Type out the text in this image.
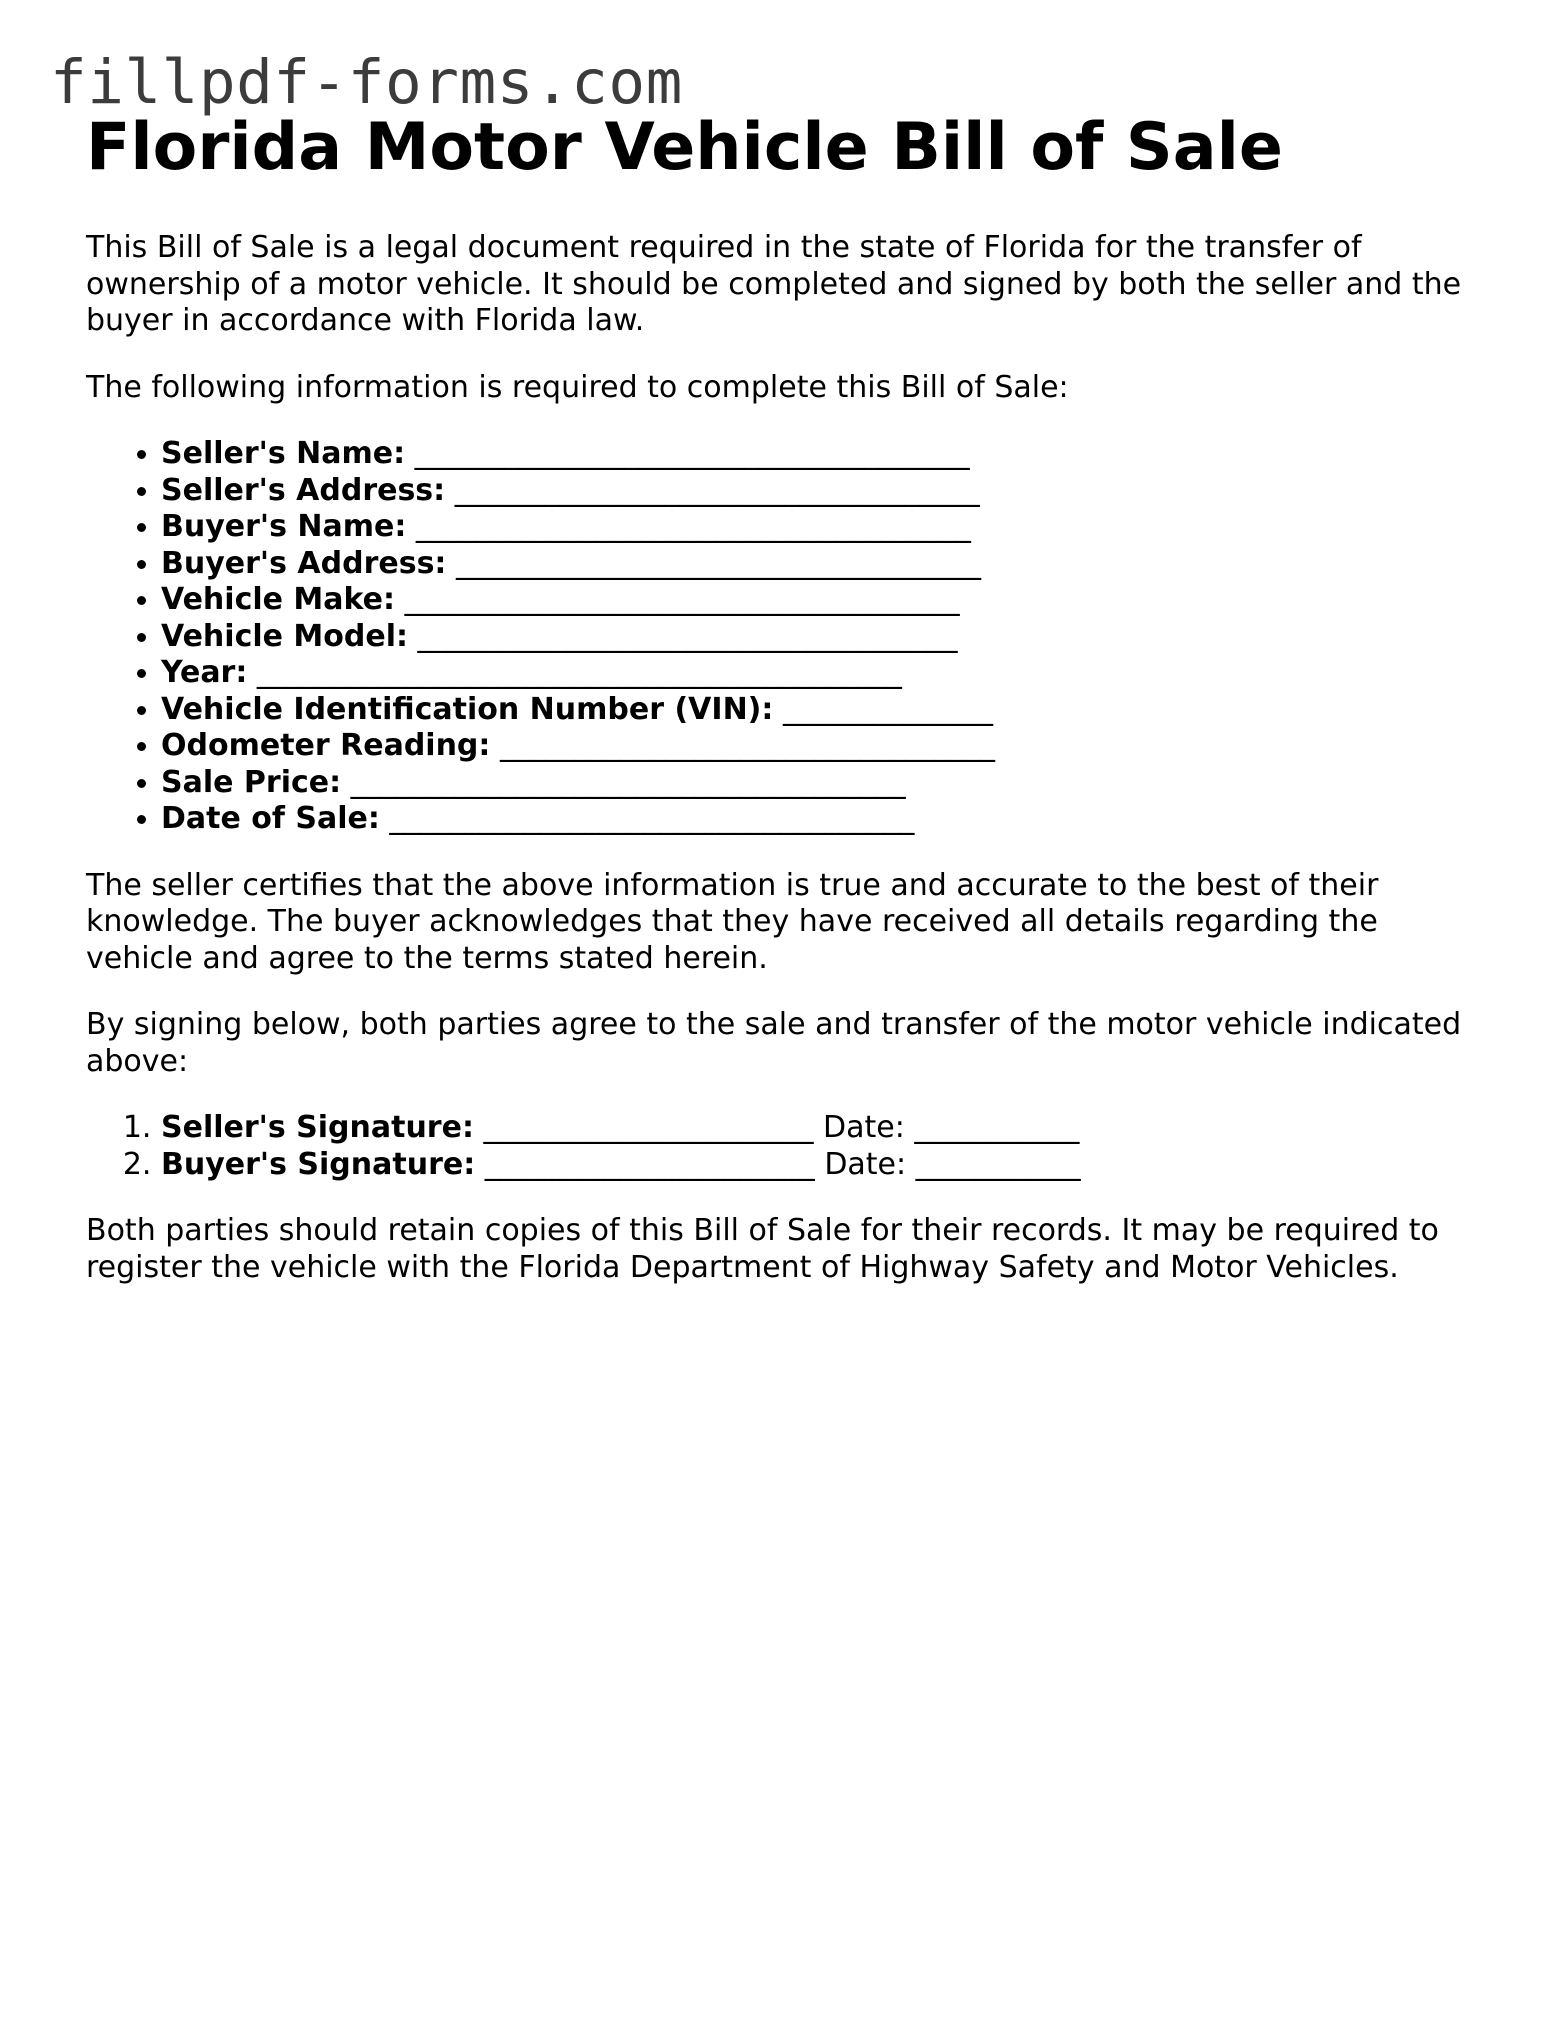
fillpdf-forms.com

Florida Motor Vehicle Bill of Sale

This Bill of Sale is a legal document required in the state of Florida for the transfer of ownership of a motor vehicle. It should be completed and signed by both the seller and the buyer in accordance with Florida law.

The following information is required to complete this Bill of Sale:

• Seller's Name: _____________________________________
• Seller's Address: ___________________________________
• Buyer's Name: _____________________________________
• Buyer's Address: ___________________________________
• Vehicle Make: _____________________________________
• Vehicle Model: ____________________________________
• Year: ___________________________________________
• Vehicle Identification Number (VIN): ______________
• Odometer Reading: _________________________________
• Sale Price: _____________________________________
• Date of Sale: ___________________________________

The seller certifies that the above information is true and accurate to the best of their knowledge. The buyer acknowledges that they have received all details regarding the vehicle and agree to the terms stated herein.

By signing below, both parties agree to the sale and transfer of the motor vehicle indicated above:

1. Seller's Signature: ______________________ Date: ___________
2. Buyer's Signature: ______________________ Date: ___________

Both parties should retain copies of this Bill of Sale for their records. It may be required to register the vehicle with the Florida Department of Highway Safety and Motor Vehicles.
